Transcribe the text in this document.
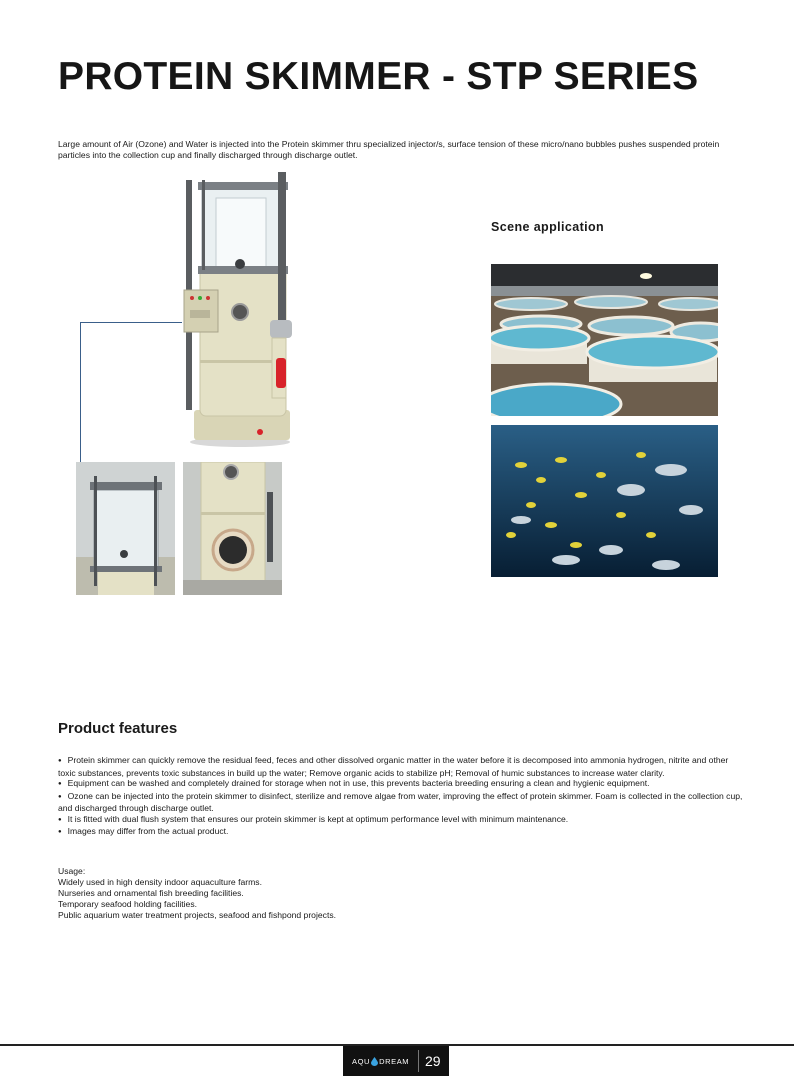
PROTEIN SKIMMER - STP SERIES

Large amount of Air (Ozone) and Water is injected into the Protein skimmer thru specialized injector/s, surface tension of these micro/nano bubbles pushes suspended protein particles into the collection cup and finally discharged through discharge outlet.

Scene application
Product features
● Protein skimmer can quickly remove the residual feed, feces and other dissolved organic matter in the water before it is decomposed into ammonia hydrogen, nitrite and other toxic substances, prevents toxic substances in build up the water; Remove organic acids to stabilize pH; Removal of humic substances to increase water clarity.
● Equipment can be washed and completely drained for storage when not in use, this prevents bacteria breeding ensuring a clean and hygienic equipment.
● Ozone can be injected into the protein skimmer to disinfect, sterilize and remove algae from water, improving the effect of protein skimmer. Foam is collected in the collection cup, and discharged through discharge outlet.
● It is fitted with dual flush system that ensures our protein skimmer is kept at optimum performance level with minimum maintenance.
● Images may differ from the actual product.
Usage:
Widely used in high density indoor aquaculture farms.
Nurseries and ornamental fish breeding facilities.
Temporary seafood holding facilities.
Public aquarium water treatment projects, seafood and fishpond projects.
AQU DREAM 29
